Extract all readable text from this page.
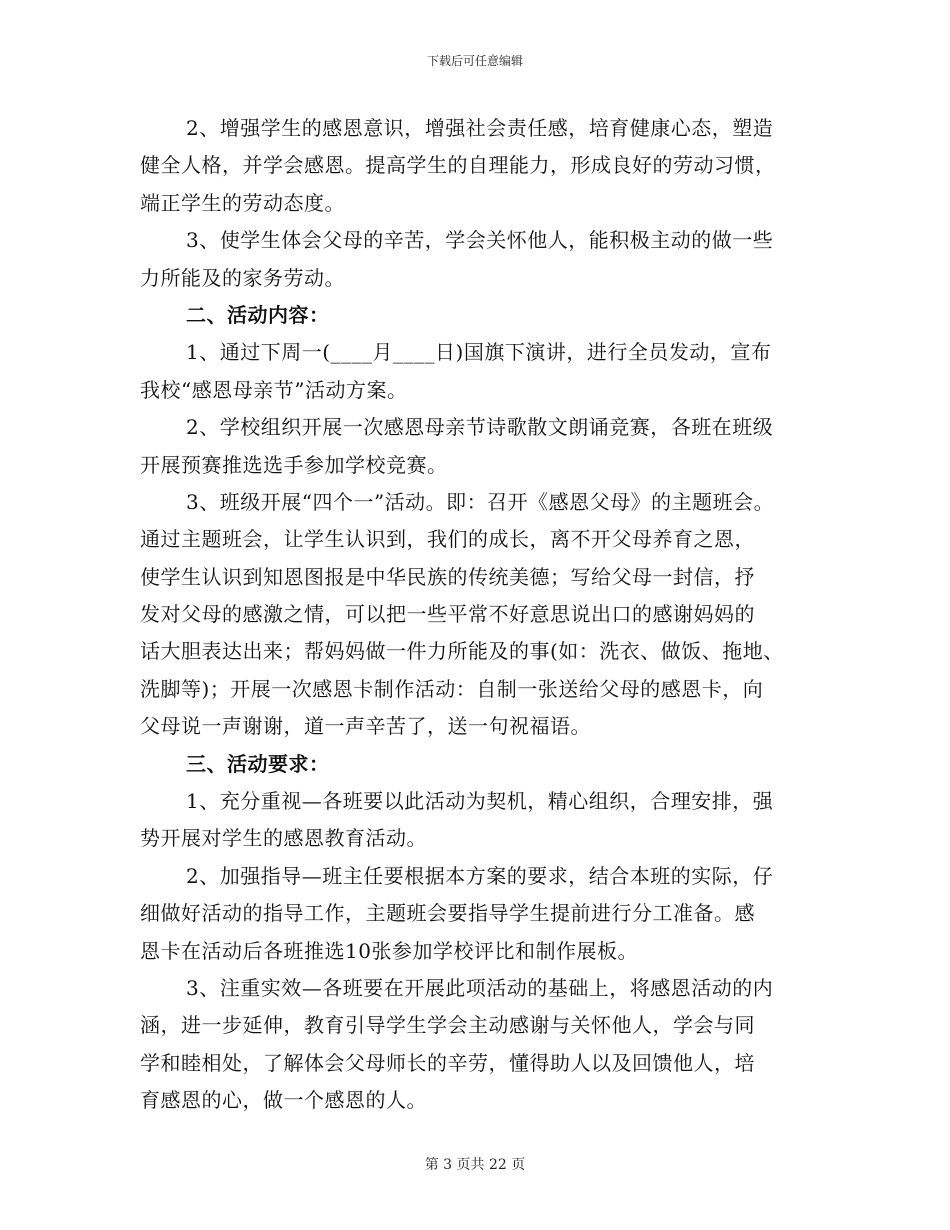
下载后可任意编辑
2、增强学生的感恩意识，增强社会责任感，培育健康心态，塑造
健全人格，并学会感恩。提高学生的自理能力，形成良好的劳动习惯，
端正学生的劳动态度。
3、使学生体会父母的辛苦，学会关怀他人，能积极主动的做一些
力所能及的家务劳动。
二、活动内容：
1、通过下周一(____月____日)国旗下演讲，进行全员发动，宣布
我校“感恩母亲节”活动方案。
2、学校组织开展一次感恩母亲节诗歌散文朗诵竞赛，各班在班级
开展预赛推选选手参加学校竞赛。
3、班级开展“四个一”活动。即：召开《感恩父母》的主题班会。
通过主题班会，让学生认识到，我们的成长，离不开父母养育之恩，
使学生认识到知恩图报是中华民族的传统美德；写给父母一封信，抒
发对父母的感激之情，可以把一些平常不好意思说出口的感谢妈妈的
话大胆表达出来；帮妈妈做一件力所能及的事(如：洗衣、做饭、拖地、
洗脚等)；开展一次感恩卡制作活动：自制一张送给父母的感恩卡，向
父母说一声谢谢，道一声辛苦了，送一句祝福语。
三、活动要求：
1、充分重视—各班要以此活动为契机，精心组织，合理安排，强
势开展对学生的感恩教育活动。
2、加强指导—班主任要根据本方案的要求，结合本班的实际，仔
细做好活动的指导工作，主题班会要指导学生提前进行分工准备。感
恩卡在活动后各班推选10张参加学校评比和制作展板。
3、注重实效—各班要在开展此项活动的基础上，将感恩活动的内
涵，进一步延伸，教育引导学生学会主动感谢与关怀他人，学会与同
学和睦相处，了解体会父母师长的辛劳，懂得助人以及回馈他人，培
育感恩的心，做一个感恩的人。
第 3 页共 22 页
